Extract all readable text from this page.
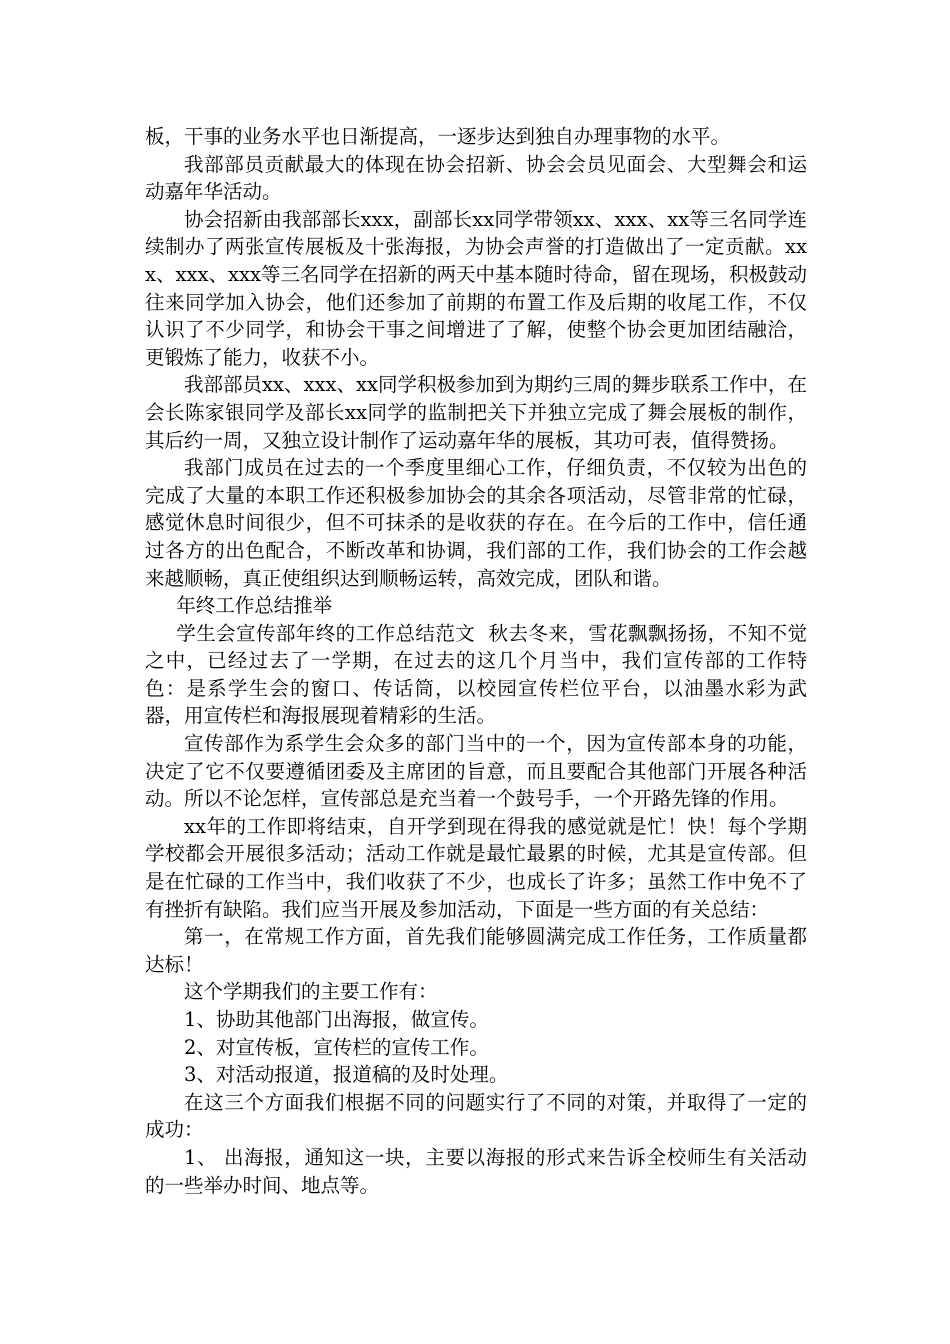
板，干事的业务水平也日渐提高，一逐步达到独自办理事物的水平。

我部部员贡献最大的体现在协会招新、协会会员见面会、大型舞会和运动嘉年华活动。

协会招新由我部部长xxx，副部长xx同学带领xx、xxx、xx等三名同学连续制办了两张宣传展板及十张海报，为协会声誉的打造做出了一定贡献。xxx、xxx、xxx等三名同学在招新的两天中基本随时待命，留在现场，积极鼓动往来同学加入协会，他们还参加了前期的布置工作及后期的收尾工作，不仅认识了不少同学，和协会干事之间增进了了解，使整个协会更加团结融洽，更锻炼了能力，收获不小。

我部部员xx、xxx、xx同学积极参加到为期约三周的舞步联系工作中，在会长陈家银同学及部长xx同学的监制把关下并独立完成了舞会展板的制作，其后约一周，又独立设计制作了运动嘉年华的展板，其功可表，值得赞扬。

我部门成员在过去的一个季度里细心工作，仔细负责，不仅较为出色的完成了大量的本职工作还积极参加协会的其余各项活动，尽管非常的忙碌，感觉休息时间很少，但不可抹杀的是收获的存在。在今后的工作中，信任通过各方的出色配合，不断改革和协调，我们部的工作，我们协会的工作会越来越顺畅，真正使组织达到顺畅运转，高效完成，团队和谐。

年终工作总结推举

学生会宣传部年终的工作总结范文  秋去冬来，雪花飘飘扬扬，不知不觉之中，已经过去了一学期，在过去的这几个月当中，我们宣传部的工作特色：是系学生会的窗口、传话筒，以校园宣传栏位平台，以油墨水彩为武器，用宣传栏和海报展现着精彩的生活。

宣传部作为系学生会众多的部门当中的一个，因为宣传部本身的功能，决定了它不仅要遵循团委及主席团的旨意，而且要配合其他部门开展各种活动。所以不论怎样，宣传部总是充当着一个鼓号手，一个开路先锋的作用。

xx年的工作即将结束，自开学到现在得我的感觉就是忙！快！每个学期学校都会开展很多活动；活动工作就是最忙最累的时候，尤其是宣传部。但是在忙碌的工作当中，我们收获了不少，也成长了许多；虽然工作中免不了有挫折有缺陷。我们应当开展及参加活动，下面是一些方面的有关总结：

第一，在常规工作方面，首先我们能够圆满完成工作任务，工作质量都达标！

这个学期我们的主要工作有：

1、协助其他部门出海报，做宣传。

2、对宣传板，宣传栏的宣传工作。

3、对活动报道，报道稿的及时处理。

在这三个方面我们根据不同的问题实行了不同的对策，并取得了一定的成功：

1、 出海报，通知这一块，主要以海报的形式来告诉全校师生有关活动的一些举办时间、地点等。
